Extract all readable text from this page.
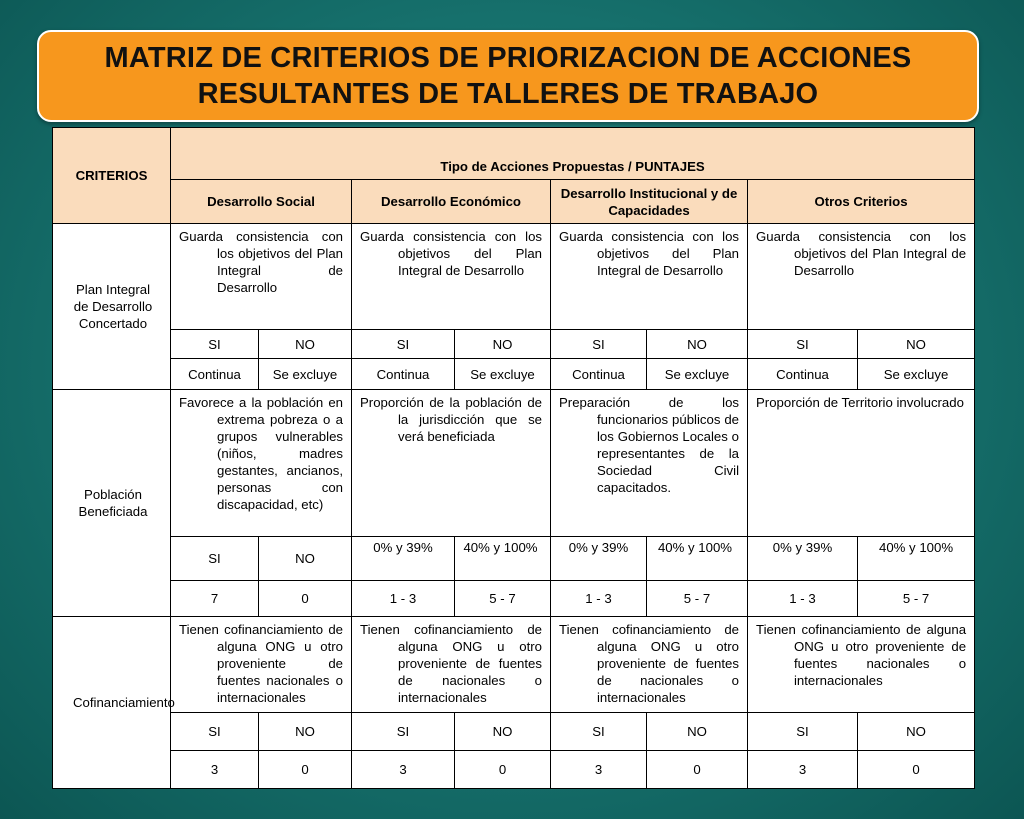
MATRIZ DE CRITERIOS DE PRIORIZACION DE ACCIONES
RESULTANTES DE TALLERES DE TRABAJO
CRITERIOS	Tipo de Acciones Propuestas / PUNTAJES							
	Desarrollo Social		Desarrollo Económico		Desarrollo Institucional y de Capacidades		Otros Criterios	

Plan Integral de Desarrollo Concertado	Guarda consistencia con los objetivos del Plan Integral de Desarrollo		Guarda consistencia con los objetivos del Plan Integral de Desarrollo		Guarda consistencia con los objetivos del Plan Integral de Desarrollo		Guarda consistencia con los objetivos del Plan Integral de Desarrollo	

	SI	NO	SI	NO	SI	NO	SI	NO
	Continua	Se excluye	Continua	Se excluye	Continua	Se excluye	Continua	Se excluye

Población Beneficiada	Favorece a la población en extrema pobreza o a grupos vulnerables (niños, madres gestantes, ancianos, personas con discapacidad, etc)		Proporción de la población de la jurisdicción que se verá beneficiada		Preparación de los funcionarios públicos de los Gobiernos Locales o representantes de la Sociedad Civil capacitados.		Proporción de Territorio involucrado	

	SI	NO	0% y 39%	40% y 100%	0% y 39%	40% y 100%	0% y 39%	40% y 100%
	7	0	1 - 3	5 - 7	1 - 3	5 - 7	1 - 3	5 - 7

Cofinanciamiento	Tienen cofinanciamiento de alguna ONG u otro proveniente de fuentes nacionales o internacionales		Tienen cofinanciamiento de alguna ONG u otro proveniente de fuentes de nacionales o internacionales		Tienen cofinanciamiento de alguna ONG u otro proveniente de fuentes de nacionales o internacionales		Tienen cofinanciamiento de alguna ONG u otro proveniente de fuentes nacionales o internacionales	

	SI	NO	SI	NO	SI	NO	SI	NO
	3	0	3	0	3	0	3	0
